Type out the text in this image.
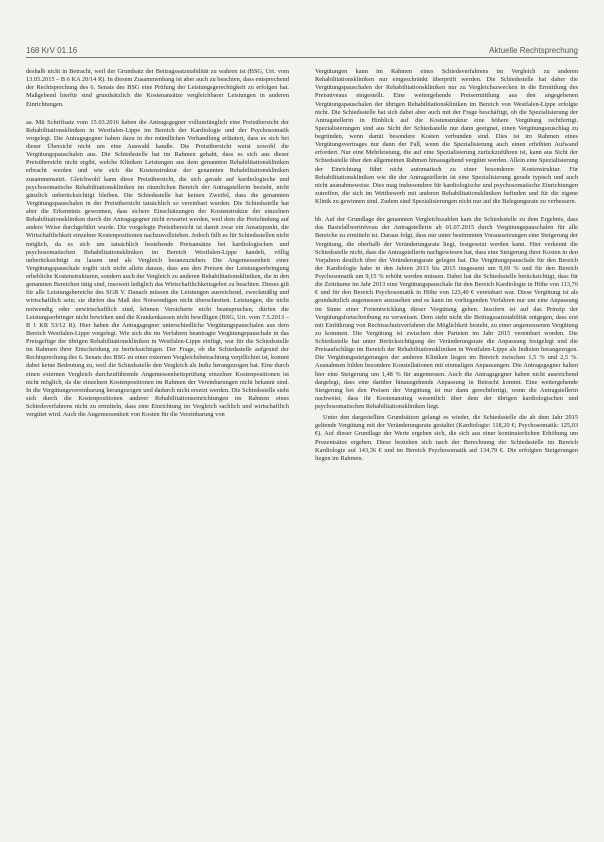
168 KrV 01.16	Aktuelle Rechtsprechung

deshalb nicht in Betracht, weil der Grundsatz der Beitragssatzstabilität zu wahren ist (BSG, Urt. vom 13.05.2015 – B 6 KA 20/14 R). In diesem Zusammenhang ist aber auch zu beachten, dass entsprechend der Rechtsprechung des 6. Senats des BSG eine Prüfung der Leistungsgerechtigkeit zu erfolgen hat. Maßgebend hierfür sind grundsätzlich die Kostenansätze vergleichbarer Leistungen in anderen Einrichtungen.

aa. Mit Schriftsatz vom 15.03.2016 haben die Antragsgegner vollumfänglich eine Preisübersicht der Rehabilitationskliniken in Westfalen-Lippe im Bereich der Kardiologie und der Psychosomatik vorgelegt. Die Antragsgegner haben dazu in der mündlichen Verhandlung erläutert, dass es sich bei dieser Übersicht nicht um eine Auswahl handle. Die Preisübersicht weist sowohl die Vergütungspauschalen aus. Die Schiedsstelle hat im Rahmen gehabt, dass es sich aus dieser Preisübersicht nicht ergibt, welche Kliniken Leistungen aus dem genannten Rehabilitationskliniken erbracht werden und wie sich die Kostenstruktur der genannten Rehabilitationskliniken zusammensetzt. Gleichwohl kann diese Preisübersicht, die sich gerade auf kardiologische und psychosomatische Rehabilitationskliniken im räumlichen Bereich der Antragstellerin bezieht, nicht gänzlich unberücksichtigt bleiben. Die Schiedsstelle hat keinen Zweifel, dass die genannten Vergütungspauschalen in der Preisübersicht tatsächlich so vereinbart wurden. Die Schiedsstelle hat aber die Erkenntnis gewonnen, dass sichere Einschätzungen der Kostenstruktur der einzelnen Rehabilitationskliniken durch die Antragsgegner nicht erwartet werden, weil dem die Preisfindung auf andere Weise durchgeführt wurde. Die vorgelegte Preisübersicht ist damit zwar ein Ansatzpunkt, die Wirtschaftlichkeit einzelner Kostenpositionen nachzuvollziehen. Jedoch fällt es für Schiedsstellen nicht möglich, da es sich um tatsächlich bestehende Preisansätze bei kardiologischen und psychosomatischen Rehabilitationskliniken im Bereich Westfalen-Lippe handelt, völlig unberücksichtigt zu lassen und als Vergleich heranzuziehen. Die Angemessenheit einer Vergütungspauschale ergibt sich nicht allein daraus, dass aus den Preisen der Leistungserbringung erhebliche Kostenstrukturen, sondern auch der Vergleich zu anderen Rehabilitationskliniken, die in den genannten Bereichen tätig sind, insoweit lediglich das Wirtschaftlichkeitsgebot zu beachten. Dieses gilt für alle Leistungsbereiche des SGB V. Danach müssen die Leistungen ausreichend, zweckmäßig und wirtschaftlich sein; sie dürfen das Maß des Notwendigen nicht überschreiten. Leistungen, die nicht notwendig oder unwirtschaftlich sind, können Versicherte nicht beanspruchen, dürfen die Leistungserbringer nicht bewirken und die Krankenkassen nicht bewilligen (BSG, Urt. vom 7.5.2013 – B 1 KR 53/12 R). Hier haben die Antragsgegner unterschiedliche Vergütungspauschalen aus dem Bereich Westfalen-Lippe vorgelegt. Wie sich die im Verfahren beantragte Vergütungspauschale in das Preisgefüge der übrigen Rehabilitationskliniken in Westfalen-Lippe einfügt, war für die Schiedsstelle im Rahmen ihrer Entscheidung zu berücksichtigen. Der Frage, ob die Schiedsstelle aufgrund der Rechtsprechung des 6. Senats des BSG zu einer externen Vergleichsbetrachtung verpflichtet ist, kommt dabei keine Bedeutung zu, weil die Schiedsstelle den Vergleich als Indiz herangezogen hat. Eine durch einen externen Vergleich durchzuführende Angemessenheitsprüfung einzelner Kostenpositionen ist nicht möglich, da die einzelnen Kostenpositionen im Rahmen der Vereinbarungen nicht bekannt sind. In die Vergütungsvereinbarung herangezogen und dadurch nicht ersetzt werden. Die Schiedsstelle sieht sich durch die Kostenpositionen anderer Rehabilitationseinrichtungen im Rahmen eines Schiedsverfahrens nicht zu ermitteln, dass eine Einrichtung im Vergleich sachlich und wirtschaftlich vergütet wird. Auch die Angemessenheit von Kosten für die Vereinbarung von

Vergütungen kann im Rahmen eines Schiedsverfahrens im Vergleich zu anderen Rehabilitationskliniken nur eingeschränkt überprüft werden. Die Schiedsstelle hat daher die Vergütungspauschalen der Rehabilitationskliniken nur zu Vergleichszwecken in die Ermittlung des Preisniveaus eingestellt. Eine weitergehende Preisermittlung aus den angegebenen Vergütungspauschalen der übrigen Rehabilitationskliniken im Bereich von Westfalen-Lippe erfolgte nicht. Die Schiedsstelle hat sich dabei aber auch mit der Frage beschäftigt, ob die Spezialisierung der Antragstellerin in Hinblick auf die Kostenstruktur eine höhere Vergütung rechtfertigt. Spezialisierungen sind aus Sicht der Schiedsstelle nur dann geeignet, einen Vergütungszuschlag zu begründen, wenn damit besondere Kosten verbunden sind. Dies ist im Rahmen eines Vergütungsvertrages nur dann der Fall, wenn die Spezialisierung auch einen erhöhten Aufwand erfordert. Nur eine Mehrleistung, die auf eine Spezialisierung zurückzuführen ist, kann aus Sicht der Schiedsstelle über den allgemeinen Rahmen hinausgehend vergütet werden. Allein eine Spezialisierung der Einrichtung führt nicht automatisch zu einer besonderen Kostenstruktur. Für Rehabilitationskliniken wie die der Antragstellerin ist eine Spezialisierung gerade typisch und auch nicht ausnahmsweise. Dies mag insbesondere für kardiologische und psychosomatische Einrichtungen zutreffen, die sich im Wettbewerb mit anderen Rehabilitationskliniken befinden und für die eigene Klinik zu gewinnen sind. Zudem sind Spezialisierungen nicht nur auf die Belegungsrate zu verbessern.

bb. Auf der Grundlage der genannten Vergleichszahlen kam die Schiedsstelle zu dem Ergebnis, dass das Basisfallwertniveau der Antragstellerin ab 01.07.2015 durch Vergütungspauschalen für alle Bereiche zu ermitteln ist. Daraus folgt, dass nur unter bestimmten Voraussetzungen eine Steigerung der Vergütung, die oberhalb der Veränderungsrate liegt, festgesetzt werden kann. Hier verkennt die Schiedsstelle nicht, dass die Antragstellerin nachgewiesen hat, dass eine Steigerung ihrer Kosten in den Vorjahren deutlich über der Veränderungsrate gelegen hat. Die Vergütungspauschale für den Bereich der Kardiologie habe in den Jahren 2013 bis 2015 insgesamt um 9,69 % und für den Bereich Psychosomatik um 9,15 % erhöht werden müssen. Dabei hat die Schiedsstelle berücksichtigt, dass für die Zeiträume im Jahr 2013 eine Vergütungspauschale für den Bereich Kardiologie in Höhe von 113,76 € und für den Bereich Psychosomatik in Höhe von 123,40 € vereinbart war. Diese Vergütung ist als grundsätzlich angemessen anzusehen und es kann im vorliegenden Verfahren nur um eine Anpassung im Sinne einer Fortentwicklung dieser Vergütung gehen. Insofern ist auf das Prinzip der Vergütungsfortschreibung zu verweisen. Dem steht nicht die Beitragssatzstabilität entgegen, dass erst mit Einführung von Rechtsschutzverfahren die Möglichkeit besteht, zu einer angemessenen Vergütung zu kommen. Die Vergütung ist zwischen den Parteien im Jahr 2015 vereinbart worden. Die Schiedsstelle hat unter Berücksichtigung der Veränderungsrate die Anpassung festgelegt und die Preisaufschläge im Bereich der Rehabilitationskliniken in Westfalen-Lippe als Indizien herangezogen. Die Vergütungssteigerungen der anderen Kliniken liegen im Bereich zwischen 1,5 % und 2,5 %. Ausnahmen bilden besondere Konstellationen mit einmaligen Anpassungen. Die Antragsgegner halten hier eine Steigerung um 1,48 % für angemessen. Auch die Antragsgegner haben nicht ausreichend dargelegt, dass eine darüber hinausgehende Anpassung in Betracht kommt. Eine weitergehende Steigerung bei den Preisen der Vergütung ist nur dann gerechtfertigt, wenn die Antragstellerin nachweist, dass ihr Kostenanstieg wesentlich über dem der übrigen kardiologischen und psychosomatischen Rehabilitationskliniken liegt.

Unter den dargestellten Grundsätzen gelangt es wieder, die Schiedsstelle die ab dem Jahr 2015 geltende Vergütung mit der Veränderungsrate gestaltet (Kardiologie: 118,20 €; Psychosomatik: 125,03 €). Auf dieser Grundlage der Werte ergeben sich, die sich aus einer kontinuierlichen Erhöhung um Prozentsätze ergeben. Diese beziehen sich nach der Berechnung der Schiedsstelle im Bereich Kardiologie auf 143,36 € und im Bereich Psychosomatik auf 134,79 €. Die erfolgten Steigerungen liegen im Rahmen.
